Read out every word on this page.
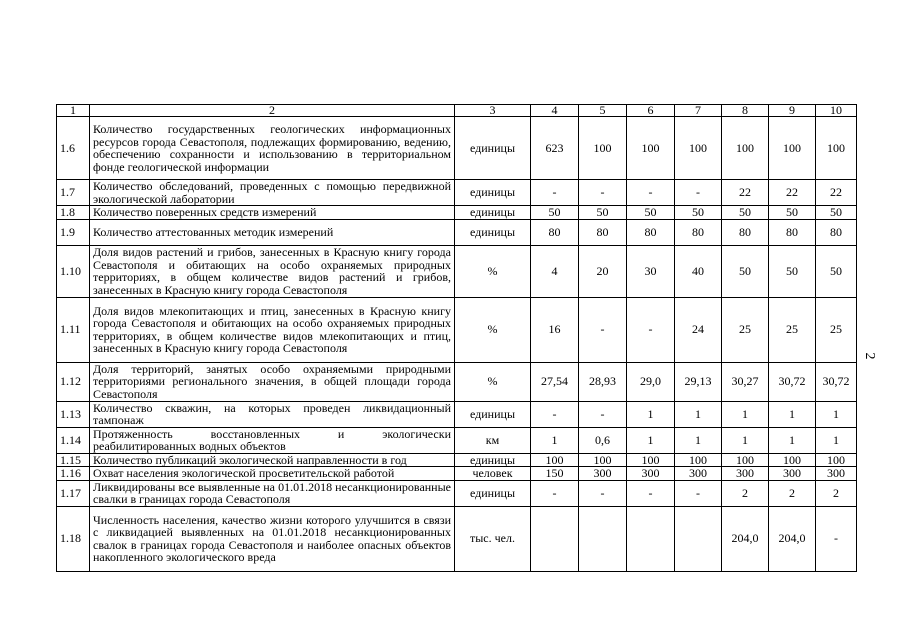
1	2	3	4	5	6	7	8	9	10
1.6	Количество государственных геологических информационных ресурсов города Севастополя, подлежащих формированию, ведению, обеспечению сохранности и использованию в территориальном фонде геологической информации	единицы	623	100	100	100	100	100	100
1.7	Количество обследований, проведенных с помощью передвижной экологической лаборатории	единицы	-	-	-	-	22	22	22
1.8	Количество поверенных средств измерений	единицы	50	50	50	50	50	50	50
1.9	Количество аттестованных методик измерений	единицы	80	80	80	80	80	80	80
1.10	Доля видов растений и грибов, занесенных в Красную книгу города Севастополя и обитающих на особо охраняемых природных территориях, в общем количестве видов растений и грибов, занесенных в Красную книгу города Севастополя	%	4	20	30	40	50	50	50
1.11	Доля видов млекопитающих и птиц, занесенных в Красную книгу города Севастополя и обитающих на особо охраняемых природных территориях, в общем количестве видов млекопитающих и птиц, занесенных в Красную книгу города Севастополя	%	16	-	-	24	25	25	25
1.12	Доля территорий, занятых особо охраняемыми природными территориями регионального значения, в общей площади города Севастополя	%	27,54	28,93	29,0	29,13	30,27	30,72	30,72
1.13	Количество скважин, на которых проведен ликвидационный тампонаж	единицы	-	-	1	1	1	1	1
1.14	Протяженность восстановленных и экологически реабилитированных водных объектов	км	1	0,6	1	1	1	1	1
1.15	Количество публикаций экологической направленности в год	единицы	100	100	100	100	100	100	100
1.16	Охват населения экологической просветительской работой	человек	150	300	300	300	300	300	300
1.17	Ликвидированы все выявленные на 01.01.2018 несанкционированные свалки в границах города Севастополя	единицы	-	-	-	-	2	2	2
1.18	Численность населения, качество жизни которого улучшится в связи с ликвидацией выявленных на 01.01.2018 несанкционированных свалок в границах города Севастополя и наиболее опасных объектов накопленного экологического вреда	тыс. чел.					204,0	204,0	-
2
